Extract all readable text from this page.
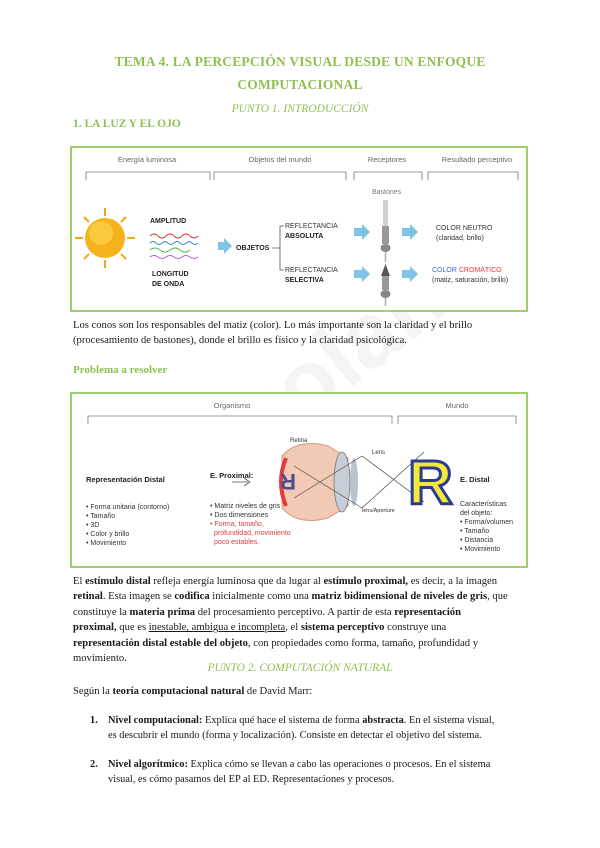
TEMA 4. LA PERCEPCIÓN VISUAL DESDE UN ENFOQUE
COMPUTACIONAL
PUNTO 1. INTRODUCCIÓN
1. LA LUZ Y EL OJO
Energía luminosa	Objetos del mundo	Receptores	Resultado perceptivo
AMPLITUD
LONGITUD
DE ONDA
OBJETOS
REFLECTANCIA
ABSOLUTA
REFLECTANCIA
SELECTIVA
Bastones
COLOR NEUTRO
(claridad, brillo)
COLOR CROMÁTICO
(matiz, saturación, brillo)
Los conos son los responsables del matiz (color). Lo más importante son la claridad y el brillo
(procesamiento de bastones), donde el brillo es físico y la claridad psicológica.
Problema a resolver
Organismo	Mundo
R
Retina
Lens
lens/Aperture R
Representación Distal
• Forma unitaria (contorno)
• Tamaño
• 3D
• Color y brillo
• Movimiento
E. Proximal:
• Matriz niveles de gris
• Dos dimensiones
• Forma, tamaño,
profundidad, movimiento
poco estables.
E. Distal
Características
del objeto:
• Forma/volumen
• Tamaño
• Distancia
• Movimiento
El estímulo distal refleja energía luminosa que da lugar al estímulo proximal, es decir, a la imagen
retinal. Esta imagen se codifica inicialmente como una matriz bidimensional de niveles de gris, que
constituye la materia prima del procesamiento perceptivo. A partir de esta representación
proximal, que es inestable, ambigua e incompleta, el sistema perceptivo construye una
representación distal estable del objeto, con propiedades como forma, tamaño, profundidad y
movimiento.
PUNTO 2. COMPUTACIÓN NATURAL
Según la teoría computacional natural de David Marr:
1. Nivel computacional: Explica qué hace el sistema de forma abstracta. En el sistema visual,
es descubrir el mundo (forma y localización). Consiste en detectar el objetivo del sistema.
2. Nivel algorítmico: Explica cómo se llevan a cabo las operaciones o procesos. En el sistema
visual, es cómo pasamos del EP al ED. Representaciones y procesos.
